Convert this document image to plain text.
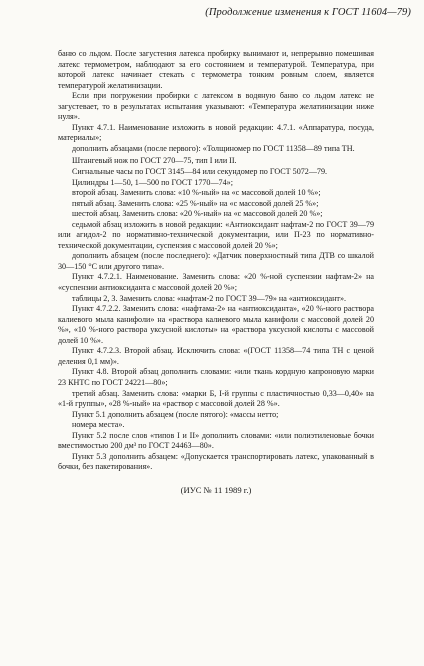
(Продолжение изменения к ГОСТ 11604—79)

баню со льдом. После загустения латекса пробирку вынимают и, непрерывно помешивая латекс термометром, наблюдают за его состоянием и температурой. Температура, при которой латекс начинает стекать с термометра тонким ровным слоем, является температурой желатинизации.

Если при погружении пробирки с латексом в водяную баню со льдом латекс не загустевает, то в результатах испытания указывают: «Температура желатинизации ниже нуля».

Пункт 4.7.1. Наименование изложить в новой редакции: 4.7.1. «Аппаратура, посуда, материалы»;

дополнить абзацами (после первого): «Толщиномер по ГОСТ 11358—89 типа ТН.

Штангевый нож по ГОСТ 270—75, тип I или II.

Сигнальные часы по ГОСТ 3145—84 или секундомер по ГОСТ 5072—79.

Цилиндры 1—50, 1—500 по ГОСТ 1770—74»;

второй абзац. Заменить слова: «10 %-ный» на «с массовой долей 10 %»;

пятый абзац. Заменить слова: «25 %-ный» на «с массовой долей 25 %»;

шестой абзац. Заменить слова: «20 %-ный» на «с массовой долей 20 %»;

седьмой абзац изложить в новой редакции: «Антиоксидант нафтам-2 по ГОСТ 39—79 или агидол-2 по нормативно-технической документации, или П-23 по нормативно-технической документации, суспензия с массовой долей 20 %»;

дополнить абзацем (после последнего): «Датчик поверхностный типа ДТВ со шкалой 30—150 °С или другого типа».

Пункт 4.7.2.1. Наименование. Заменить слова: «20 %-ной суспензии нафтам-2» на «суспензии антиоксиданта с массовой долей 20 %»;

таблицы 2, 3. Заменить слова: «нафтам-2 по ГОСТ 39—79» на «антиоксидант».

Пункт 4.7.2.2. Заменить слова: «нафтама-2» на «антиоксиданта», «20 %-ного раствора калиевого мыла канифоли» на «раствора калиевого мыла канифоли с массовой долей 20 %», «10 %-ного раствора уксусной кислоты» на «раствора уксусной кислоты с массовой долей 10 %».

Пункт 4.7.2.3. Второй абзац. Исключить слова: «(ГОСТ 11358—74 типа ТН с ценой деления 0,1 мм)».

Пункт 4.8. Второй абзац дополнить словами: «или ткань кордную капроновую марки 23 КНТС по ГОСТ 24221—80»;

третий абзац. Заменить слова: «марки Б, I-й группы с пластичностью 0,33—0,40» на «1-й группы», «28 %-ный» на «раствор с массовой долей 28 %».

Пункт 5.1 дополнить абзацем (после пятого): «массы нетто;

номера места».

Пункт 5.2 после слов «типов I и II» дополнить словами: «или полиэтиленовые бочки вместимостью 200 дм³ по ГОСТ 24463—80».

Пункт 5.3 дополнить абзацем: «Допускается транспортировать латекс, упакованный в бочки, без пакетирования».

(ИУС № 11 1989 г.)
